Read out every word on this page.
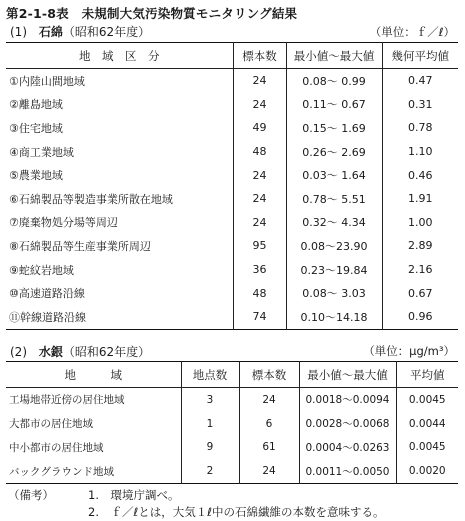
第2-1-8表　未規制大気汚染物質モニタリング結果
(1) 石綿（昭和62年度）	（単位：ｆ／ℓ）
地　域　区　分	標本数	最小値～最大値	幾何平均値
①内陸山間地域	24	0.08～ 0.99	0.47
②離島地域	24	0.11～ 0.67	0.31
③住宅地域	49	0.15～ 1.69	0.78
④商工業地域	48	0.26～ 2.69	1.10
⑤農業地域	24	0.03～ 1.64	0.46
⑥石綿製品等製造事業所散在地域	24	0.78～ 5.51	1.91
⑦廃棄物処分場等周辺	24	0.32～ 4.34	1.00
⑧石綿製品等生産事業所周辺	95	0.08～23.90	2.89
⑨蛇紋岩地域	36	0.23～19.84	2.16
⑩高速道路沿線	48	0.08～ 3.03	0.67
⑪幹線道路沿線	74	0.10～14.18	0.96
(2) 水銀（昭和62年度）	（単位：μg/m³）
地　　　域	地点数	標本数	最小値～最大値	平均値
工場地帯近傍の居住地域	3	24	0.0018～0.0094	0.0045
大都市の居住地域	1	6	0.0028～0.0068	0.0044
中小都市の居住地域	9	61	0.0004～0.0263	0.0045
バックグラウンド地域	2	24	0.0011～0.0050	0.0020
（備考）	1.　環境庁調べ。
2.　ｆ／ℓとは，大気１ℓ中の石綿繊維の本数を意味する。
